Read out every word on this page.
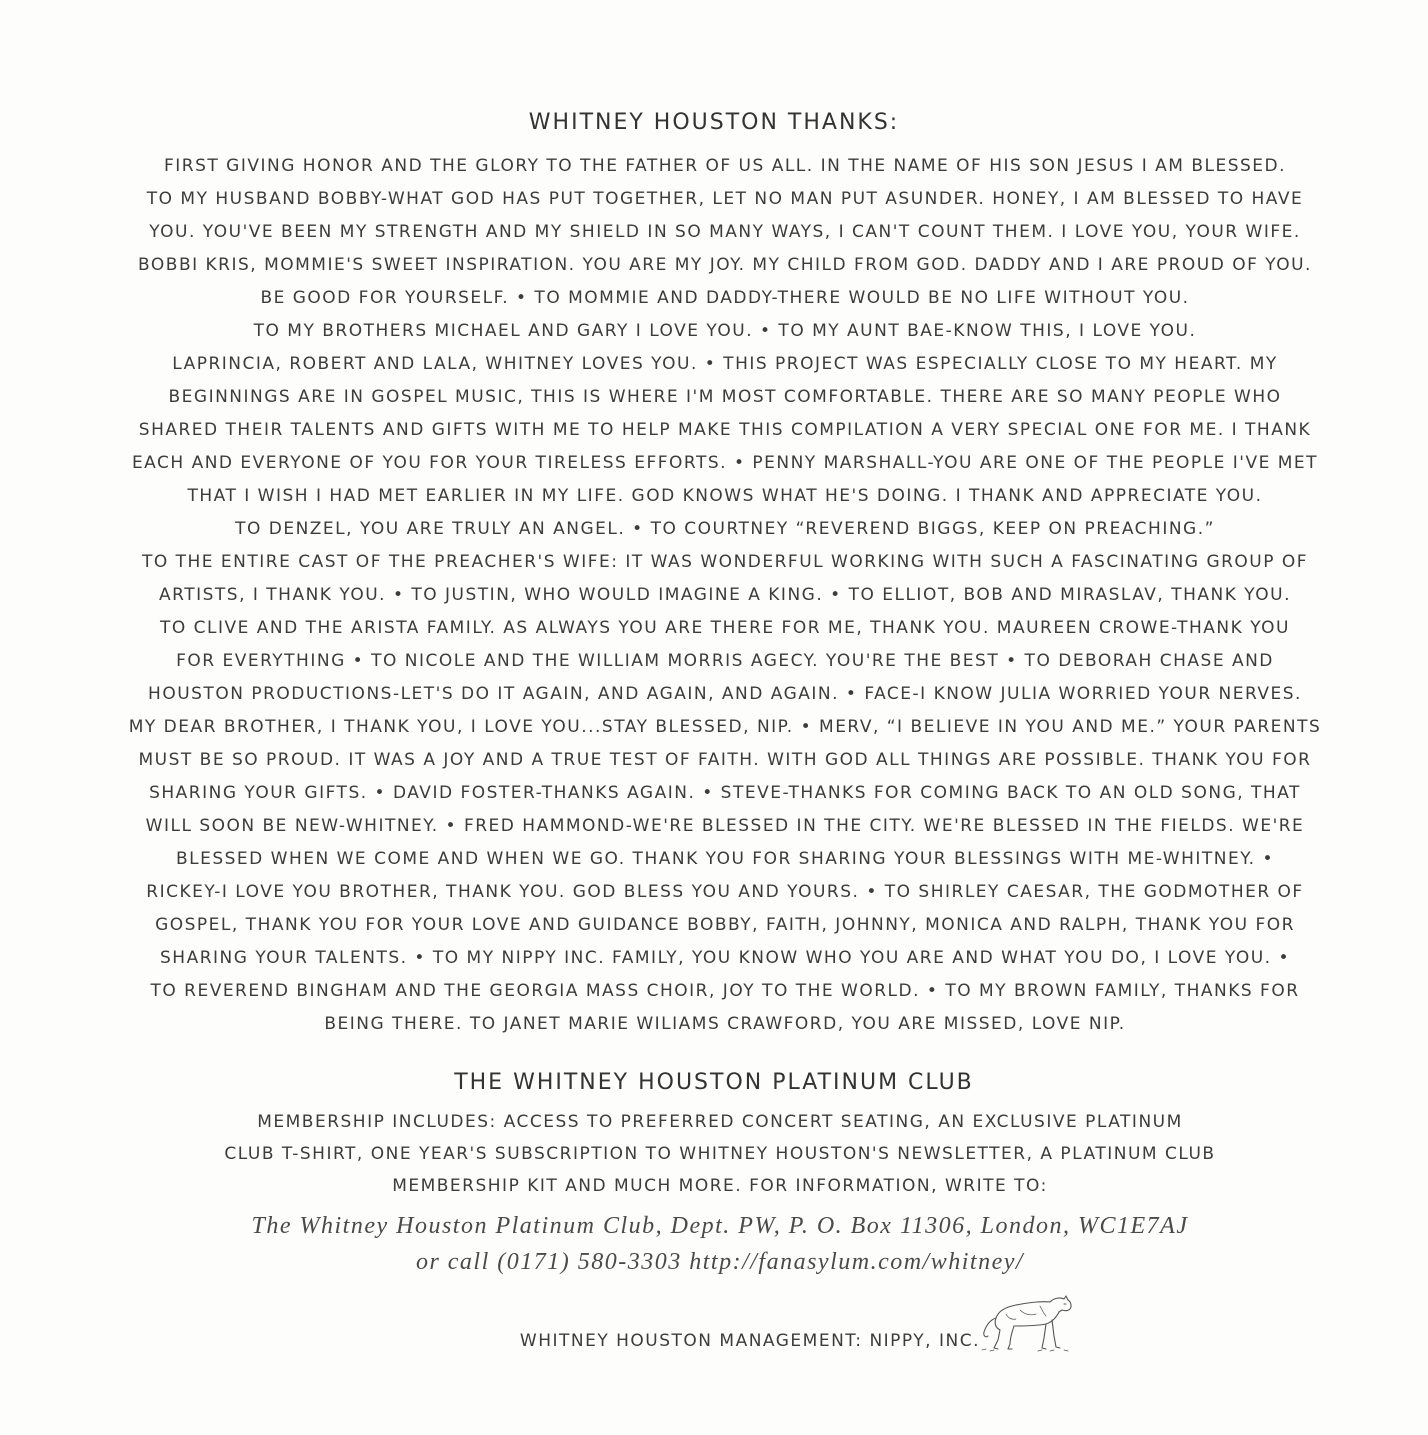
WHITNEY HOUSTON THANKS:
FIRST GIVING HONOR AND THE GLORY TO THE FATHER OF US ALL. IN THE NAME OF HIS SON JESUS I AM BLESSED.
TO MY HUSBAND BOBBY-WHAT GOD HAS PUT TOGETHER, LET NO MAN PUT ASUNDER. HONEY, I AM BLESSED TO HAVE
YOU. YOU'VE BEEN MY STRENGTH AND MY SHIELD IN SO MANY WAYS, I CAN'T COUNT THEM. I LOVE YOU, YOUR WIFE.
BOBBI KRIS, MOMMIE'S SWEET INSPIRATION. YOU ARE MY JOY. MY CHILD FROM GOD. DADDY AND I ARE PROUD OF YOU.
BE GOOD FOR YOURSELF. • TO MOMMIE AND DADDY-THERE WOULD BE NO LIFE WITHOUT YOU.
TO MY BROTHERS MICHAEL AND GARY I LOVE YOU. • TO MY AUNT BAE-KNOW THIS, I LOVE YOU.
LAPRINCIA, ROBERT AND LALA, WHITNEY LOVES YOU. • THIS PROJECT WAS ESPECIALLY CLOSE TO MY HEART. MY
BEGINNINGS ARE IN GOSPEL MUSIC, THIS IS WHERE I'M MOST COMFORTABLE. THERE ARE SO MANY PEOPLE WHO
SHARED THEIR TALENTS AND GIFTS WITH ME TO HELP MAKE THIS COMPILATION A VERY SPECIAL ONE FOR ME. I THANK
EACH AND EVERYONE OF YOU FOR YOUR TIRELESS EFFORTS. • PENNY MARSHALL-YOU ARE ONE OF THE PEOPLE I'VE MET
THAT I WISH I HAD MET EARLIER IN MY LIFE. GOD KNOWS WHAT HE'S DOING. I THANK AND APPRECIATE YOU.
TO DENZEL, YOU ARE TRULY AN ANGEL. • TO COURTNEY “REVEREND BIGGS, KEEP ON PREACHING.”
TO THE ENTIRE CAST OF THE PREACHER'S WIFE: IT WAS WONDERFUL WORKING WITH SUCH A FASCINATING GROUP OF
ARTISTS, I THANK YOU. • TO JUSTIN, WHO WOULD IMAGINE A KING. • TO ELLIOT, BOB AND MIRASLAV, THANK YOU.
TO CLIVE AND THE ARISTA FAMILY. AS ALWAYS YOU ARE THERE FOR ME, THANK YOU. MAUREEN CROWE-THANK YOU
FOR EVERYTHING • TO NICOLE AND THE WILLIAM MORRIS AGECY. YOU'RE THE BEST • TO DEBORAH CHASE AND
HOUSTON PRODUCTIONS-LET'S DO IT AGAIN, AND AGAIN, AND AGAIN. • FACE-I KNOW JULIA WORRIED YOUR NERVES.
MY DEAR BROTHER, I THANK YOU, I LOVE YOU...STAY BLESSED, NIP. • MERV, “I BELIEVE IN YOU AND ME.” YOUR PARENTS
MUST BE SO PROUD. IT WAS A JOY AND A TRUE TEST OF FAITH. WITH GOD ALL THINGS ARE POSSIBLE. THANK YOU FOR
SHARING YOUR GIFTS. • DAVID FOSTER-THANKS AGAIN. • STEVE-THANKS FOR COMING BACK TO AN OLD SONG, THAT
WILL SOON BE NEW-WHITNEY. • FRED HAMMOND-WE'RE BLESSED IN THE CITY. WE'RE BLESSED IN THE FIELDS. WE'RE
BLESSED WHEN WE COME AND WHEN WE GO. THANK YOU FOR SHARING YOUR BLESSINGS WITH ME-WHITNEY. •
RICKEY-I LOVE YOU BROTHER, THANK YOU. GOD BLESS YOU AND YOURS. • TO SHIRLEY CAESAR, THE GODMOTHER OF
GOSPEL, THANK YOU FOR YOUR LOVE AND GUIDANCE BOBBY, FAITH, JOHNNY, MONICA AND RALPH, THANK YOU FOR
SHARING YOUR TALENTS. • TO MY NIPPY INC. FAMILY, YOU KNOW WHO YOU ARE AND WHAT YOU DO, I LOVE YOU. •
TO REVEREND BINGHAM AND THE GEORGIA MASS CHOIR, JOY TO THE WORLD. • TO MY BROWN FAMILY, THANKS FOR
BEING THERE. TO JANET MARIE WILIAMS CRAWFORD, YOU ARE MISSED, LOVE NIP.
THE WHITNEY HOUSTON PLATINUM CLUB
MEMBERSHIP INCLUDES: ACCESS TO PREFERRED CONCERT SEATING, AN EXCLUSIVE PLATINUM
CLUB T-SHIRT, ONE YEAR'S SUBSCRIPTION TO WHITNEY HOUSTON'S NEWSLETTER, A PLATINUM CLUB
MEMBERSHIP KIT AND MUCH MORE. FOR INFORMATION, WRITE TO:
The Whitney Houston Platinum Club, Dept. PW, P. O. Box 11306, London, WC1E7AJ
or call (0171) 580-3303 http://fanasylum.com/whitney/
WHITNEY HOUSTON MANAGEMENT: NIPPY, INC.
